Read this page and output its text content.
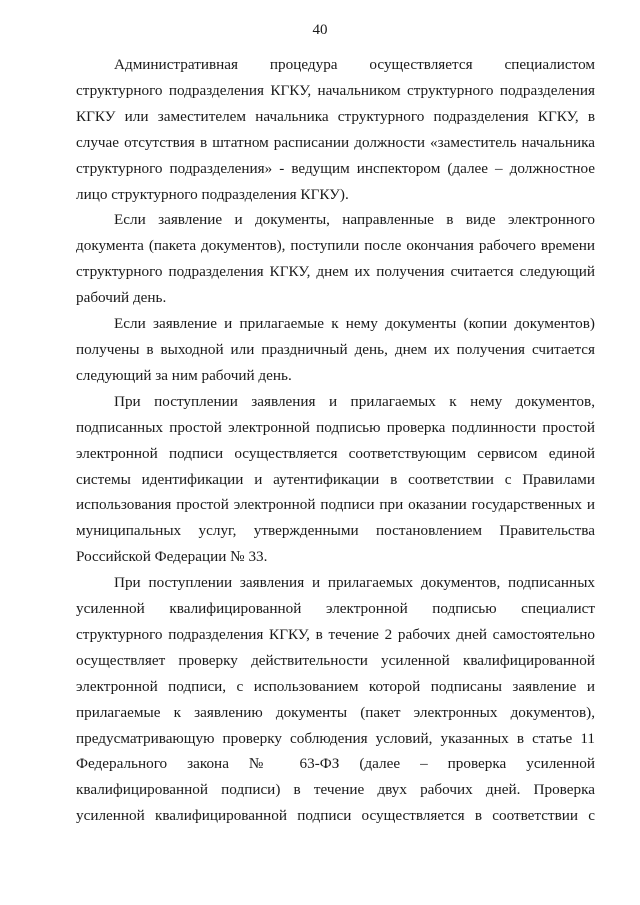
40

Административная процедура осуществляется специалистом
структурного подразделения КГКУ, начальником структурного подразделения
КГКУ или заместителем начальника структурного подразделения КГКУ, в
случае отсутствия в штатном расписании должности «заместитель начальника
структурного подразделения» - ведущим инспектором (далее – должностное
лицо структурного подразделения КГКУ).

Если заявление и документы, направленные в виде электронного
документа (пакета документов), поступили после окончания рабочего времени
структурного подразделения КГКУ, днем их получения считается следующий
рабочий день.

Если заявление и прилагаемые к нему документы (копии документов)
получены в выходной или праздничный день, днем их получения считается
следующий за ним рабочий день.

При поступлении заявления и прилагаемых к нему документов,
подписанных простой электронной подписью проверка подлинности простой
электронной подписи осуществляется соответствующим сервисом единой
системы идентификации и аутентификации в соответствии с Правилами
использования простой электронной подписи при оказании государственных и
муниципальных услуг, утвержденными постановлением Правительства
Российской Федерации № 33.

При поступлении заявления и прилагаемых документов, подписанных
усиленной квалифицированной электронной подписью специалист
структурного подразделения КГКУ, в течение 2 рабочих дней самостоятельно
осуществляет проверку действительности усиленной квалифицированной
электронной подписи, с использованием которой подписаны заявление и
прилагаемые к заявлению документы (пакет электронных документов),
предусматривающую проверку соблюдения условий, указанных в статье 11
Федерального закона № 63-ФЗ (далее – проверка усиленной
квалифицированной подписи) в течение двух рабочих дней. Проверка
усиленной квалифицированной подписи осуществляется в соответствии с
